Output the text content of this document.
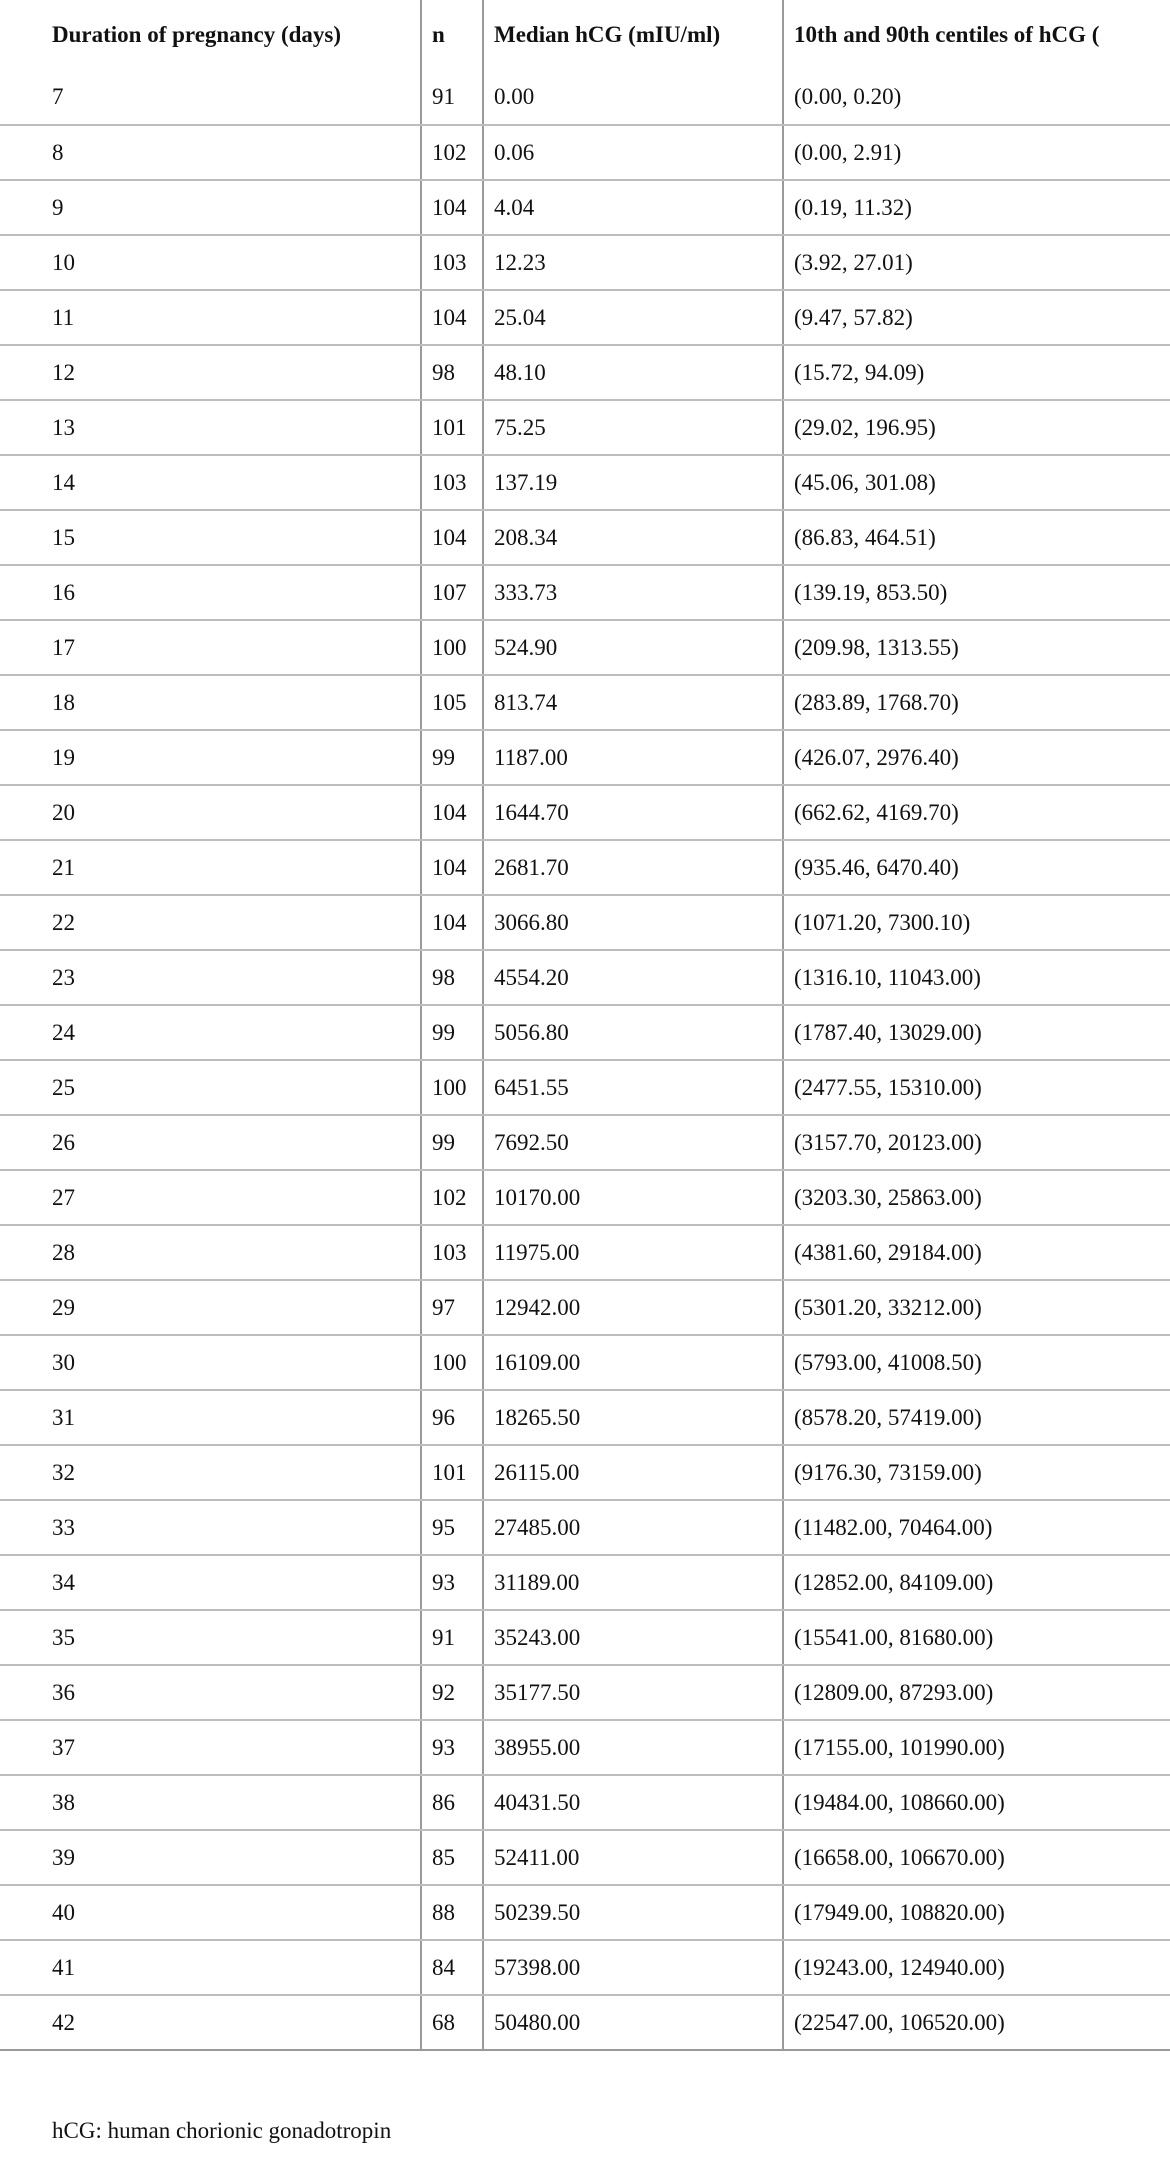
Duration of pregnancy (days)	n	Median hCG (mIU/ml)	10th and 90th centiles of hCG (
7	91	0.00	(0.00, 0.20)
8	102	0.06	(0.00, 2.91)
9	104	4.04	(0.19, 11.32)
10	103	12.23	(3.92, 27.01)
11	104	25.04	(9.47, 57.82)
12	98	48.10	(15.72, 94.09)
13	101	75.25	(29.02, 196.95)
14	103	137.19	(45.06, 301.08)
15	104	208.34	(86.83, 464.51)
16	107	333.73	(139.19, 853.50)
17	100	524.90	(209.98, 1313.55)
18	105	813.74	(283.89, 1768.70)
19	99	1187.00	(426.07, 2976.40)
20	104	1644.70	(662.62, 4169.70)
21	104	2681.70	(935.46, 6470.40)
22	104	3066.80	(1071.20, 7300.10)
23	98	4554.20	(1316.10, 11043.00)
24	99	5056.80	(1787.40, 13029.00)
25	100	6451.55	(2477.55, 15310.00)
26	99	7692.50	(3157.70, 20123.00)
27	102	10170.00	(3203.30, 25863.00)
28	103	11975.00	(4381.60, 29184.00)
29	97	12942.00	(5301.20, 33212.00)
30	100	16109.00	(5793.00, 41008.50)
31	96	18265.50	(8578.20, 57419.00)
32	101	26115.00	(9176.30, 73159.00)
33	95	27485.00	(11482.00, 70464.00)
34	93	31189.00	(12852.00, 84109.00)
35	91	35243.00	(15541.00, 81680.00)
36	92	35177.50	(12809.00, 87293.00)
37	93	38955.00	(17155.00, 101990.00)
38	86	40431.50	(19484.00, 108660.00)
39	85	52411.00	(16658.00, 106670.00)
40	88	50239.50	(17949.00, 108820.00)
41	84	57398.00	(19243.00, 124940.00)
42	68	50480.00	(22547.00, 106520.00)
hCG: human chorionic gonadotropin
